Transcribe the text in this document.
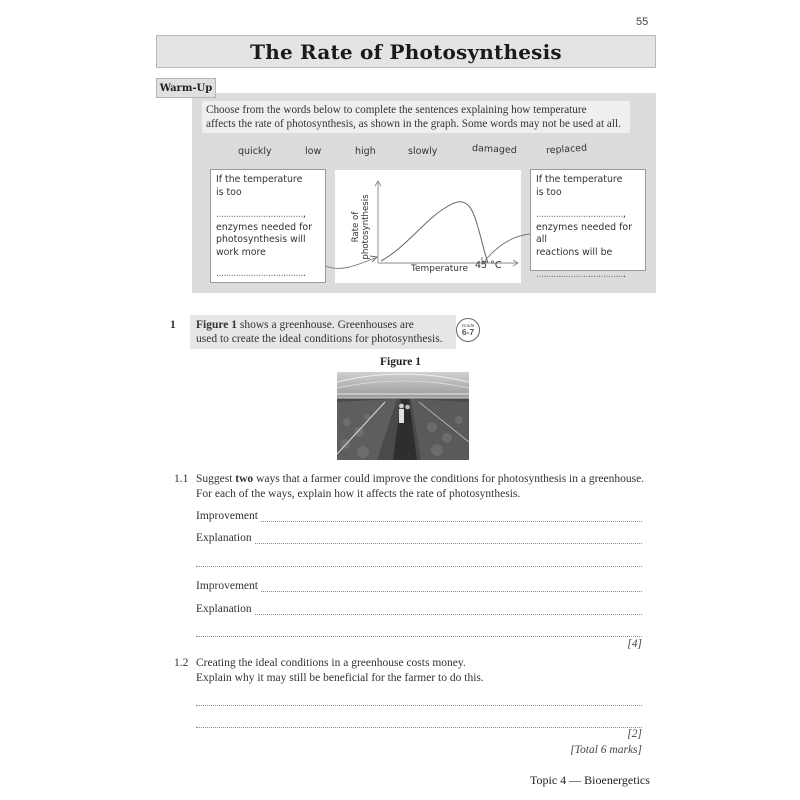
55
The Rate of Photosynthesis
Warm-Up
Choose from the words below to complete the sentences explaining how temperature
affects the rate of photosynthesis, as shown in the graph. Some words may not be used at all.
quickly	low	high	slowly	damaged	replaced
If the temperature
is too
................................... ,
enzymes needed for
photosynthesis will
work more
................................... .
Rate of photosynthesis
Temperature 45 °C
If the temperature
is too
................................... ,
enzymes needed for all
reactions will be
................................... .
1 Figure 1 shows a greenhouse. Greenhouses are
used to create the ideal conditions for photosynthesis.
Grade
6-7
Figure 1
1.1 Suggest two ways that a farmer could improve the conditions for photosynthesis in a greenhouse.
For each of the ways, explain how it affects the rate of photosynthesis.
Improvement
Explanation
Improvement
Explanation
[4]
1.2 Creating the ideal conditions in a greenhouse costs money.
Explain why it may still be beneficial for the farmer to do this.
[2]
[Total 6 marks]
Topic 4 — Bioenergetics
